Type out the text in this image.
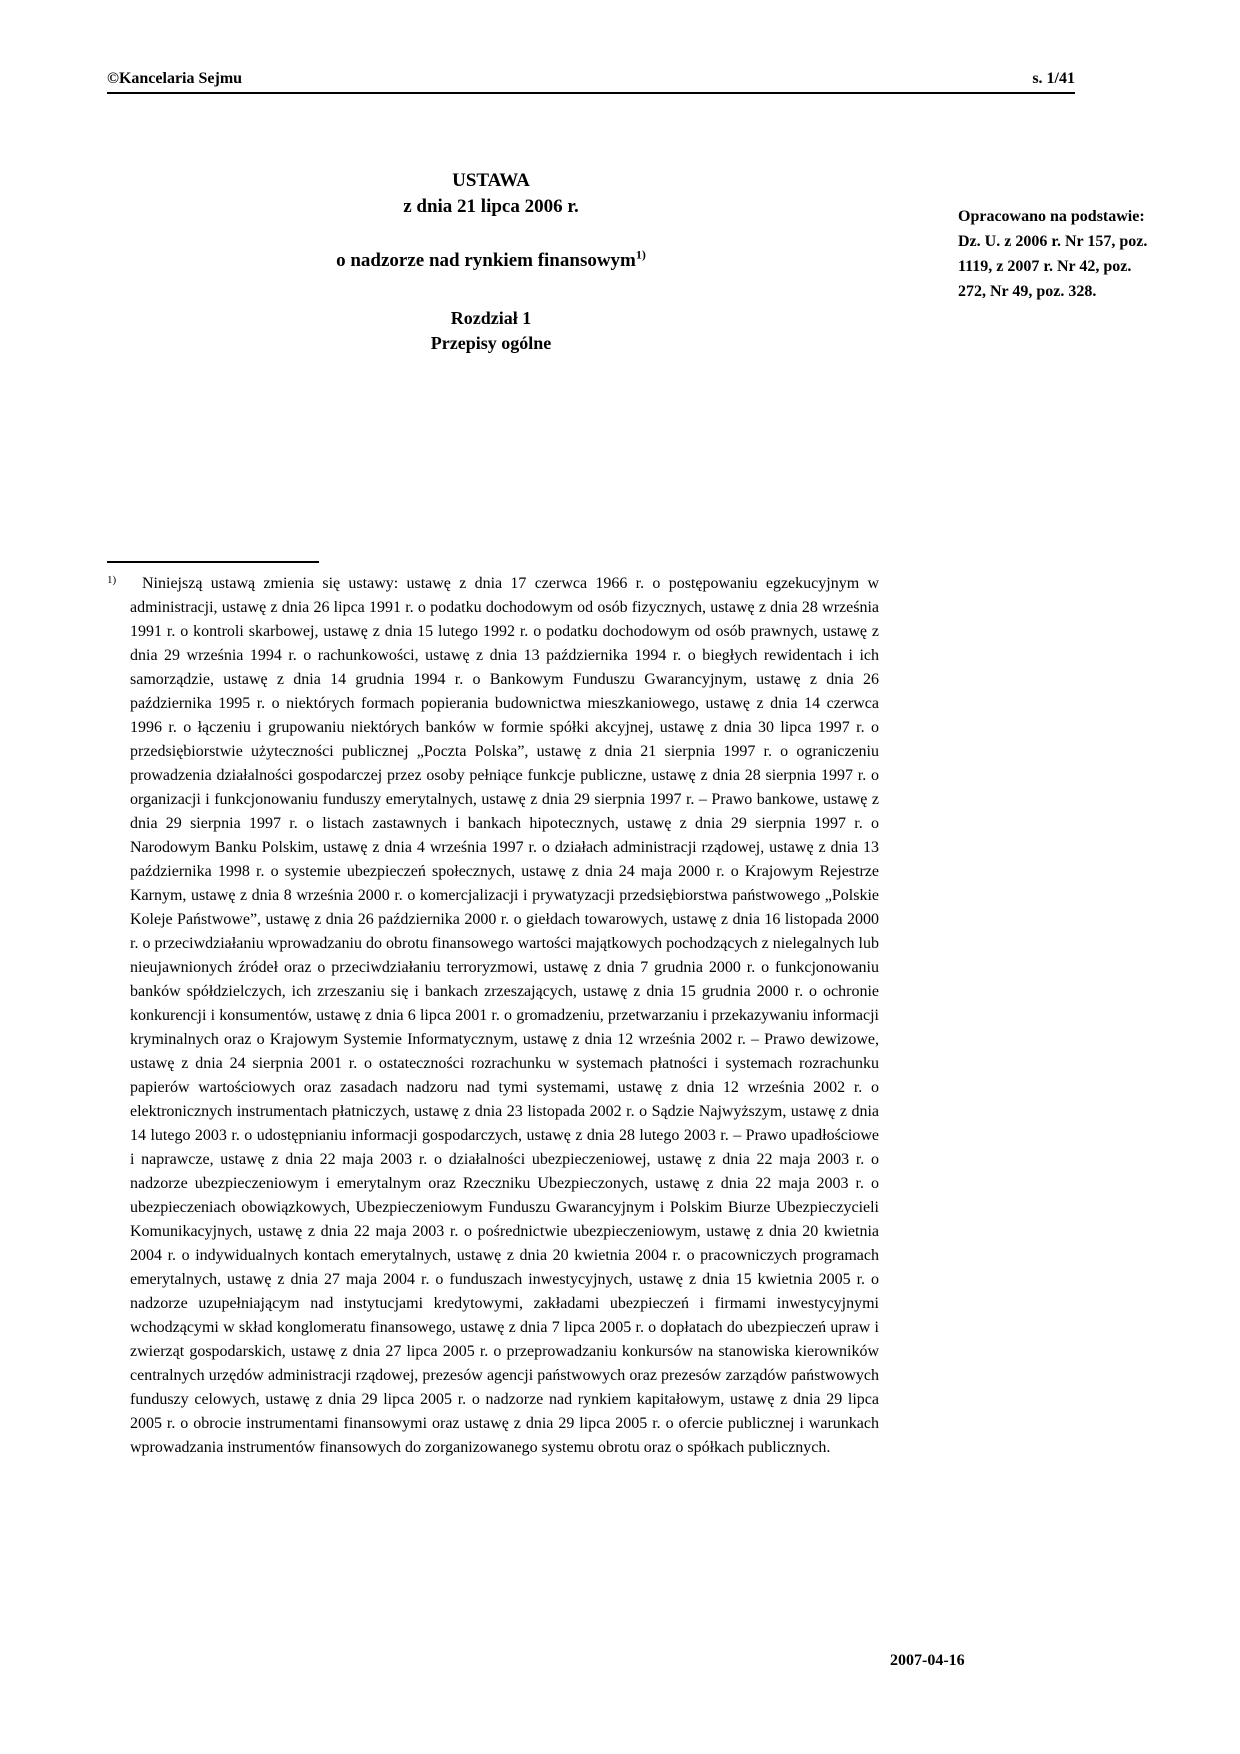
©Kancelaria Sejmu	s. 1/41
USTAWA
z dnia 21 lipca 2006 r.
o nadzorze nad rynkiem finansowym$^{1)}$
Rozdział 1
Przepisy ogólne
Opracowano na podstawie: Dz. U. z 2006 r. Nr 157, poz. 1119, z 2007 r. Nr 42, poz. 272, Nr 49, poz. 328.
1) Niniejszą ustawą zmienia się ustawy: ustawę z dnia 17 czerwca 1966 r. o postępowaniu egzekucyjnym w administracji, ustawę z dnia 26 lipca 1991 r. o podatku dochodowym od osób fizycznych, ustawę z dnia 28 września 1991 r. o kontroli skarbowej, ustawę z dnia 15 lutego 1992 r. o podatku dochodowym od osób prawnych, ustawę z dnia 29 września 1994 r. o rachunkowości, ustawę z dnia 13 października 1994 r. o biegłych rewidentach i ich samorządzie, ustawę z dnia 14 grudnia 1994 r. o Bankowym Funduszu Gwarancyjnym, ustawę z dnia 26 października 1995 r. o niektórych formach popierania budownictwa mieszkaniowego, ustawę z dnia 14 czerwca 1996 r. o łączeniu i grupowaniu niektórych banków w formie spółki akcyjnej, ustawę z dnia 30 lipca 1997 r. o przedsiębiorstwie użyteczności publicznej „Poczta Polska”, ustawę z dnia 21 sierpnia 1997 r. o ograniczeniu prowadzenia działalności gospodarczej przez osoby pełniące funkcje publiczne, ustawę z dnia 28 sierpnia 1997 r. o organizacji i funkcjonowaniu funduszy emerytalnych, ustawę z dnia 29 sierpnia 1997 r. – Prawo bankowe, ustawę z dnia 29 sierpnia 1997 r. o listach zastawnych i bankach hipotecznych, ustawę z dnia 29 sierpnia 1997 r. o Narodowym Banku Polskim, ustawę z dnia 4 września 1997 r. o działach administracji rządowej, ustawę z dnia 13 października 1998 r. o systemie ubezpieczeń społecznych, ustawę z dnia 24 maja 2000 r. o Krajowym Rejestrze Karnym, ustawę z dnia 8 września 2000 r. o komercjalizacji i prywatyzacji przedsiębiorstwa państwowego „Polskie Koleje Państwowe”, ustawę z dnia 26 października 2000 r. o giełdach towarowych, ustawę z dnia 16 listopada 2000 r. o przeciwdziałaniu wprowadzaniu do obrotu finansowego wartości majątkowych pochodzących z nielegalnych lub nieujawnionych źródeł oraz o przeciwdziałaniu terroryzmowi, ustawę z dnia 7 grudnia 2000 r. o funkcjonowaniu banków spółdzielczych, ich zrzeszaniu się i bankach zrzeszających, ustawę z dnia 15 grudnia 2000 r. o ochronie konkurencji i konsumentów, ustawę z dnia 6 lipca 2001 r. o gromadzeniu, przetwarzaniu i przekazywaniu informacji kryminalnych oraz o Krajowym Systemie Informatycznym, ustawę z dnia 12 września 2002 r. – Prawo dewizowe, ustawę z dnia 24 sierpnia 2001 r. o ostateczności rozrachunku w systemach płatności i systemach rozrachunku papierów wartościowych oraz zasadach nadzoru nad tymi systemami, ustawę z dnia 12 września 2002 r. o elektronicznych instrumentach płatniczych, ustawę z dnia 23 listopada 2002 r. o Sądzie Najwyższym, ustawę z dnia 14 lutego 2003 r. o udostępnianiu informacji gospodarczych, ustawę z dnia 28 lutego 2003 r. – Prawo upadłościowe i naprawcze, ustawę z dnia 22 maja 2003 r. o działalności ubezpieczeniowej, ustawę z dnia 22 maja 2003 r. o nadzorze ubezpieczeniowym i emerytalnym oraz Rzeczniku Ubezpieczonych, ustawę z dnia 22 maja 2003 r. o ubezpieczeniach obowiązkowych, Ubezpieczeniowym Funduszu Gwarancyjnym i Polskim Biurze Ubezpieczycieli Komunikacyjnych, ustawę z dnia 22 maja 2003 r. o pośrednictwie ubezpieczeniowym, ustawę z dnia 20 kwietnia 2004 r. o indywidualnych kontach emerytalnych, ustawę z dnia 20 kwietnia 2004 r. o pracowniczych programach emerytalnych, ustawę z dnia 27 maja 2004 r. o funduszach inwestycyjnych, ustawę z dnia 15 kwietnia 2005 r. o nadzorze uzupełniającym nad instytucjami kredytowymi, zakładami ubezpieczeń i firmami inwestycyjnymi wchodzącymi w skład konglomeratu finansowego, ustawę z dnia 7 lipca 2005 r. o dopłatach do ubezpieczeń upraw i zwierząt gospodarskich, ustawę z dnia 27 lipca 2005 r. o przeprowadzaniu konkursów na stanowiska kierowników centralnych urzędów administracji rządowej, prezesów agencji państwowych oraz prezesów zarządów państwowych funduszy celowych, ustawę z dnia 29 lipca 2005 r. o nadzorze nad rynkiem kapitałowym, ustawę z dnia 29 lipca 2005 r. o obrocie instrumentami finansowymi oraz ustawę z dnia 29 lipca 2005 r. o ofercie publicznej i warunkach wprowadzania instrumentów finansowych do zorganizowanego systemu obrotu oraz o spółkach publicznych.
2007-04-16
